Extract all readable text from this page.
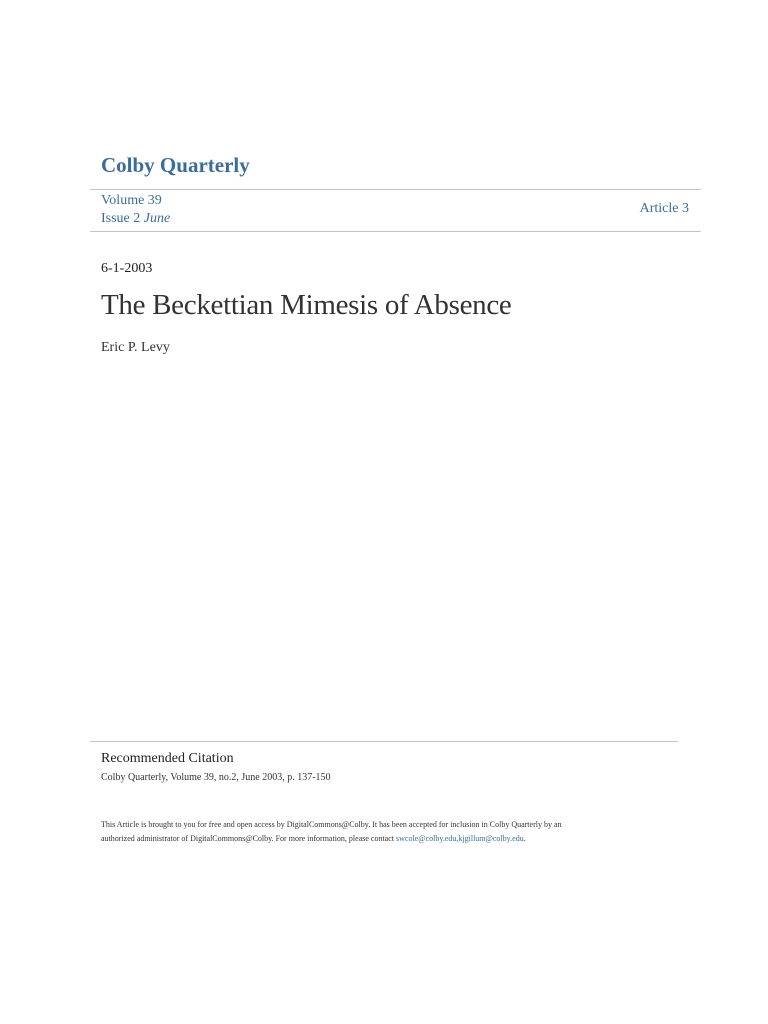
Colby Quarterly
Volume 39
Issue 2 June
Article 3
6-1-2003
The Beckettian Mimesis of Absence
Eric P. Levy
Recommended Citation
Colby Quarterly, Volume 39, no.2, June 2003, p. 137-150
This Article is brought to you for free and open access by DigitalCommons@Colby. It has been accepted for inclusion in Colby Quarterly by an
authorized administrator of DigitalCommons@Colby. For more information, please contact swcole@colby.edu,kjgillum@colby.edu.
